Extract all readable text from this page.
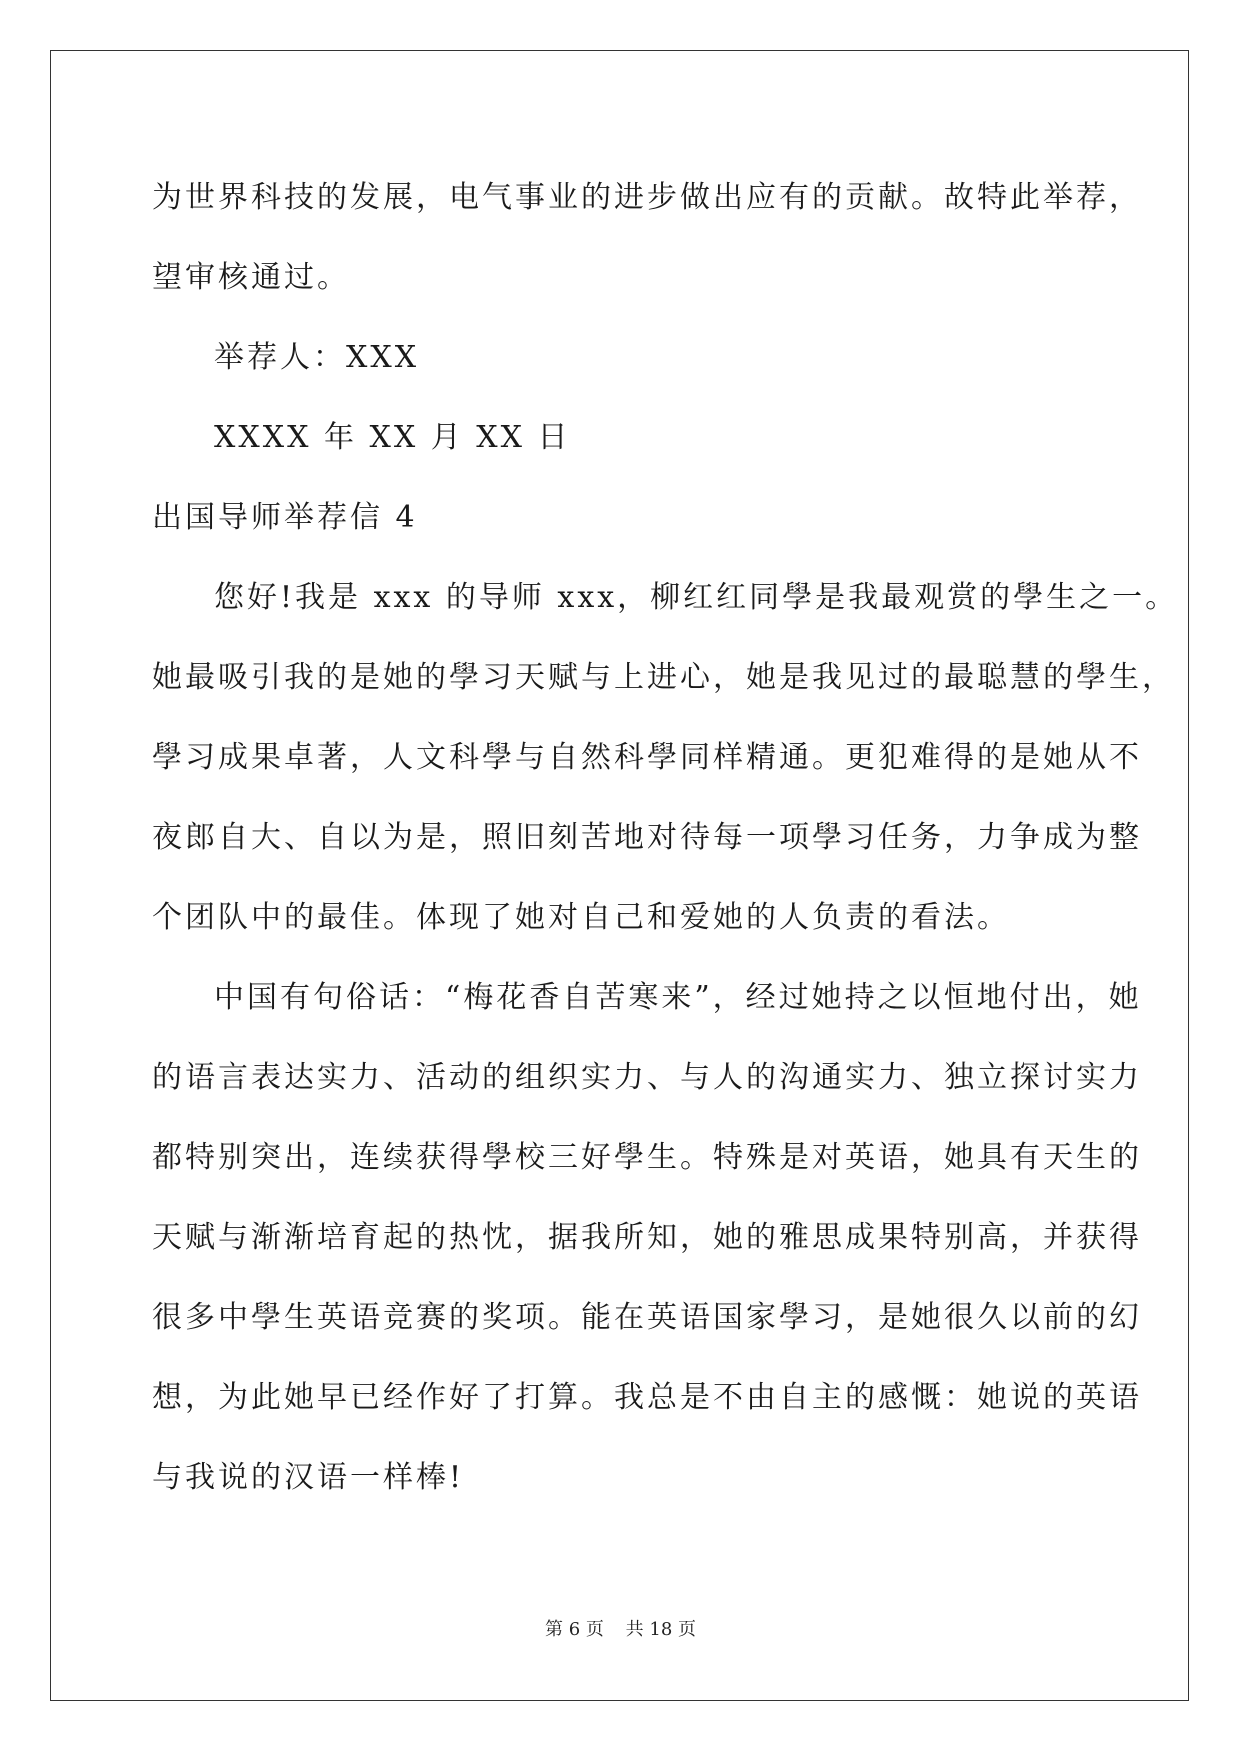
为世界科技的发展，电气事业的进步做出应有的贡献。故特此举荐，
望审核通过。
举荐人：XXX
XXXX 年 XX 月 XX 日
出国导师举荐信 4
您好!我是 xxx 的导师 xxx，柳红红同學是我最观赏的學生之一。
她最吸引我的是她的學习天赋与上进心，她是我见过的最聪慧的學生，
學习成果卓著，人文科學与自然科學同样精通。更犯难得的是她从不
夜郎自大、自以为是，照旧刻苦地对待每一项學习任务，力争成为整
个团队中的最佳。体现了她对自己和爱她的人负责的看法。
中国有句俗话：“梅花香自苦寒来”，经过她持之以恒地付出，她
的语言表达实力、活动的组织实力、与人的沟通实力、独立探讨实力
都特别突出，连续获得學校三好學生。特殊是对英语，她具有天生的
天赋与渐渐培育起的热忱，据我所知，她的雅思成果特别高，并获得
很多中學生英语竞赛的奖项。能在英语国家學习，是她很久以前的幻
想，为此她早已经作好了打算。我总是不由自主的感慨：她说的英语
与我说的汉语一样棒!
第 6 页 共 18 页
